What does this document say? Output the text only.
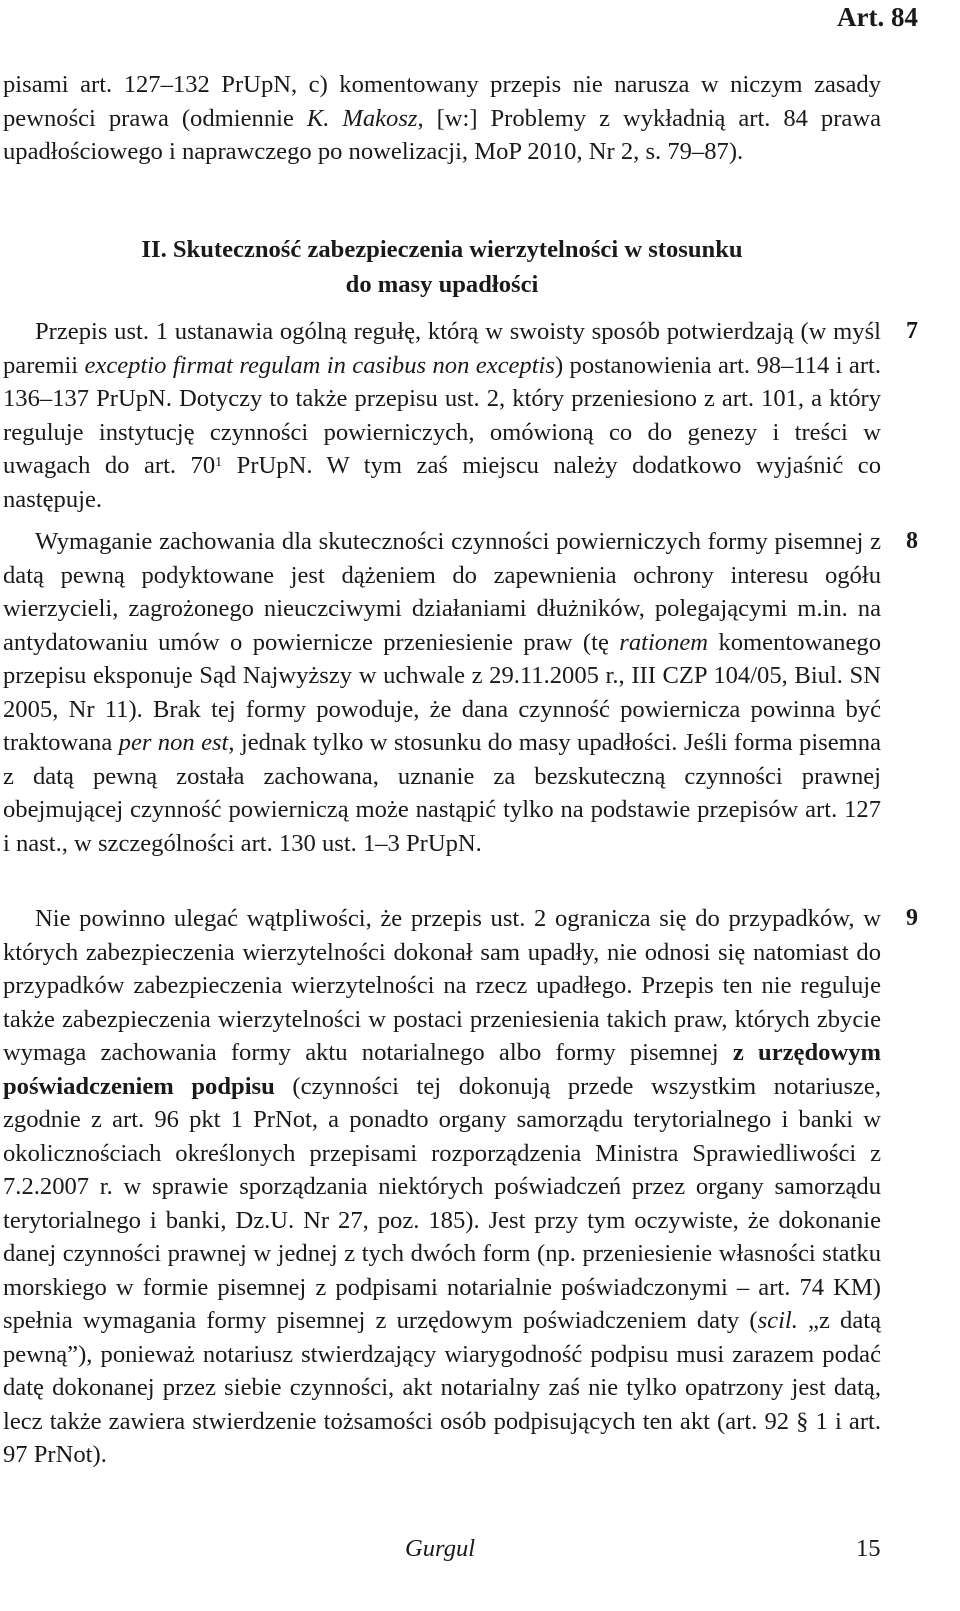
Art. 84

pisami art. 127–132 PrUpN, c) komentowany przepis nie narusza w niczym zasady pewności prawa (odmiennie K. Makosz, [w:] Problemy z wykładnią art. 84 prawa upadłościowego i naprawczego po nowelizacji, MoP 2010, Nr 2, s. 79–87).

II. Skuteczność zabezpieczenia wierzytelności w stosunku
do masy upadłości
7
Przepis ust. 1 ustanawia ogólną regułę, którą w swoisty sposób potwierdzają (w myśl paremii exceptio firmat regulam in casibus non exceptis) postanowienia art. 98–114 i art. 136–137 PrUpN. Dotyczy to także przepisu ust. 2, który przeniesiono z art. 101, a który reguluje instytucję czynności powierniczych, omówioną co do genezy i treści w uwagach do art. $70^1$ PrUpN. W tym zaś miejscu należy dodatkowo wyjaśnić co następuje.
8
Wymaganie zachowania dla skuteczności czynności powierniczych formy pisemnej z datą pewną podyktowane jest dążeniem do zapewnienia ochrony interesu ogółu wierzycieli, zagrożonego nieuczciwymi działaniami dłużników, polegającymi m.in. na antydatowaniu umów o powiernicze przeniesienie praw (tę rationem komentowanego przepisu eksponuje Sąd Najwyższy w uchwale z 29.11.2005 r., III CZP 104/05, Biul. SN 2005, Nr 11). Brak tej formy powoduje, że dana czynność powiernicza powinna być traktowana per non est, jednak tylko w stosunku do masy upadłości. Jeśli forma pisemna z datą pewną została zachowana, uznanie za bezskuteczną czynności prawnej obejmującej czynność powierniczą może nastąpić tylko na podstawie przepisów art. 127 i nast., w szczególności art. 130 ust. 1–3 PrUpN.
9
Nie powinno ulegać wątpliwości, że przepis ust. 2 ogranicza się do przypadków, w których zabezpieczenia wierzytelności dokonał sam upadły, nie odnosi się natomiast do przypadków zabezpieczenia wierzytelności na rzecz upadłego. Przepis ten nie reguluje także zabezpieczenia wierzytelności w postaci przeniesienia takich praw, których zbycie wymaga zachowania formy aktu notarialnego albo formy pisemnej z urzędowym poświadczeniem podpisu (czynności tej dokonują przede wszystkim notariusze, zgodnie z art. 96 pkt 1 PrNot, a ponadto organy samorządu terytorialnego i banki w okolicznościach określonych przepisami rozporządzenia Ministra Sprawiedliwości z 7.2.2007 r. w sprawie sporządzania niektórych poświadczeń przez organy samorządu terytorialnego i banki, Dz.U. Nr 27, poz. 185). Jest przy tym oczywiste, że dokonanie danej czynności prawnej w jednej z tych dwóch form (np. przeniesienie własności statku morskiego w formie pisemnej z podpisami notarialnie poświadczonymi – art. 74 KM) spełnia wymagania formy pisemnej z urzędowym poświadczeniem daty (scil. „z datą pewną”), ponieważ notariusz stwierdzający wiarygodność podpisu musi zarazem podać datę dokonanej przez siebie czynności, akt notarialny zaś nie tylko opatrzony jest datą, lecz także zawiera stwierdzenie tożsamości osób podpisujących ten akt (art. 92 § 1 i art. 97 PrNot).
Gurgul	15
